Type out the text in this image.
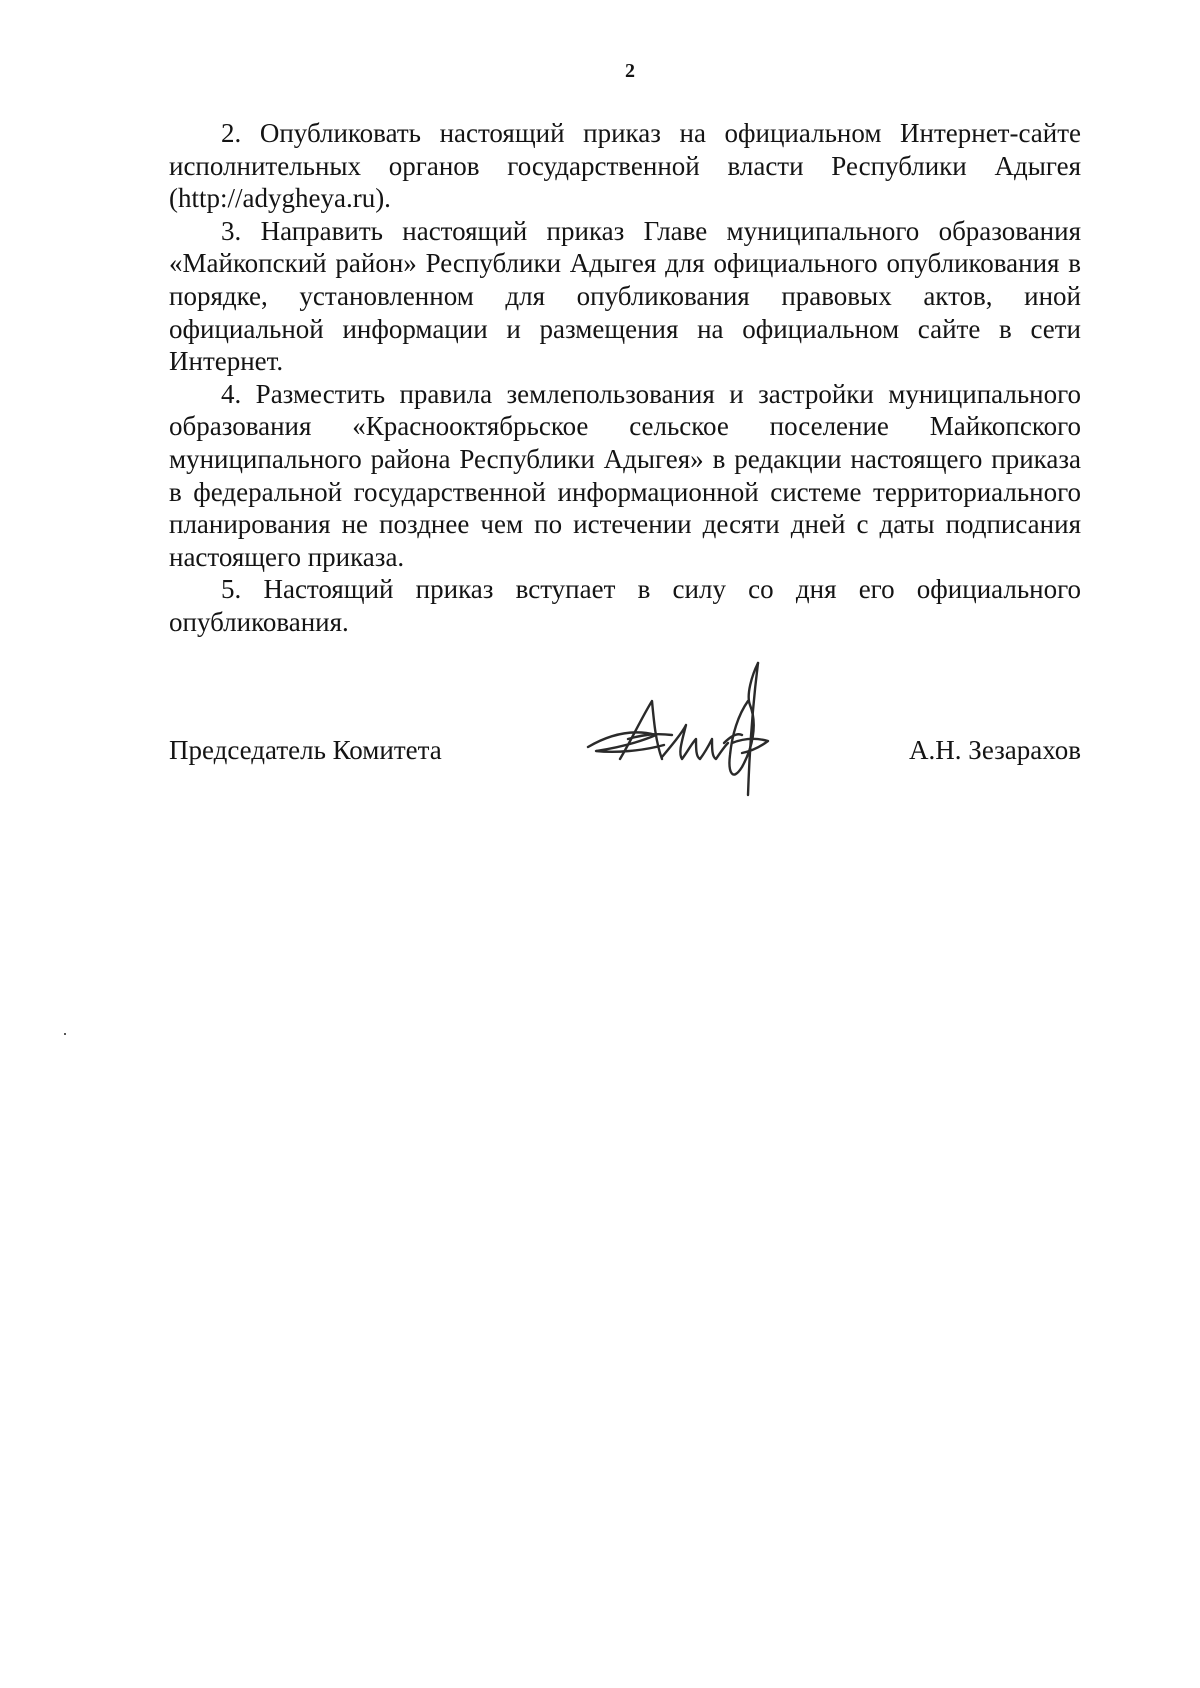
2

2. Опубликовать настоящий приказ на официальном Интернет-сайте исполнительных органов государственной власти Республики Адыгея (http://adygheya.ru).

3. Направить настоящий приказ Главе муниципального образования «Майкопский район» Республики Адыгея для официального опубликования в порядке, установленном для опубликования правовых актов, иной официальной информации и размещения на официальном сайте в сети Интернет.

4. Разместить правила землепользования и застройки муниципального образования «Краснооктябрьское сельское поселение Майкопского муниципального района Республики Адыгея» в редакции настоящего приказа в федеральной государственной информационной системе территориального планирования не позднее чем по истечении десяти дней с даты подписания настоящего приказа.

5. Настоящий приказ вступает в силу со дня его официального опубликования.

Председатель Комитета	А.Н. Зезарахов
